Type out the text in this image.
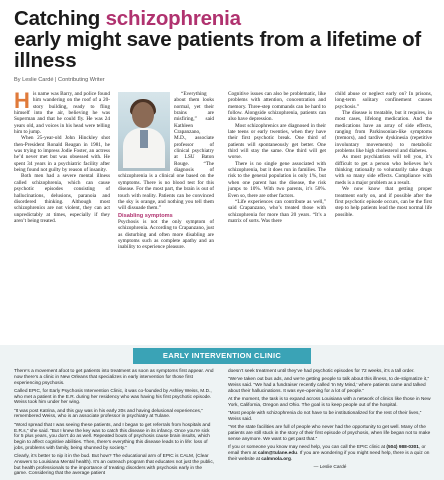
Catching schizophrenia
early might save patients from a lifetime of illness
By Leslie Cardé | Contributing Writer

His name was Barry, and police found him wandering on the roof of a 20-story building, ready to fling himself into the air, believing he was Superman and that he could fly. He was 24 years old, and voices in his head were telling him to jump.

When 25-year-old John Hinckley shot then-President Ronald Reagan in 1981, he was trying to impress Jodie Foster, an actress he’d never met but was obsessed with. He spent 34 years in a psychiatric facility after being found not guilty by reason of insanity.

Both men had a severe mental illness called schizophrenia, which can cause psychotic episodes consisting of hallucinations, delusions, paranoia and disordered thinking. Although most schizophrenics are not violent, they can act unpredictably at times, especially if they aren’t being treated.

“Everything about them looks normal, yet their brains are misfiring,” said Kathleen Crapanzano, M.D., associate professor of clinical psychiatry at LSU Baton Rouge. “The diagnosis of schizophrenia is a clinical one based on the symptoms. There is no blood test for this disease. For the most part, the brain is out of touch with reality. Patients can be convinced the sky is orange, and nothing you tell them will dissuade them.”

Disabling symptoms

Psychosis is not the only symptom of schizophrenia. According to Crapanzano, just as disturbing and often more disabling are symptoms such as complete apathy and an inability to experience pleasure.

Cognitive issues can also be problematic, like problems with attention, concentration and memory. Three-step commands can be hard to follow. Alongside schizophrenia, patients can also have depression.

Most schizophrenics are diagnosed in their late teens or early twenties, when they have their first psychotic break. One third of patients will spontaneously get better. One third will stay the same. One third will get worse.

There is no single gene associated with schizophrenia, but it does run in families. The risk to the general population is only 1%, but when one parent has the disease, the risk jumps to 10%. With two parents, it’s 50%. Even so, there are other factors.

“Life experiences can contribute as well,” said Crapanzano, who’s treated those with schizophrenia for more than 20 years. “It’s a matrix of sorts. Was there

child abuse or neglect early on? In prisons, long-term solitary confinement causes psychosis.”

The disease is treatable, but it requires, in most cases, lifelong medication. And the medications have an array of side effects, ranging from Parkinsonian-like symptoms (tremors), and tardive dyskinesia (repetitive involuntary movements) to metabolic problems like high cholesterol and diabetes.

As most psychiatrists will tell you, it’s difficult to get a person who believes he’s thinking rationally to voluntarily take drugs with so many side effects. Compliance with meds is a major problem as a result.

We now know that getting proper treatment early on, and if possible after the first psychotic episode occurs, can be the first step to help patients lead the most normal life possible.

EARLY INTERVENTION CLINIC

There’s a movement afoot to get patients into treatment as soon as symptoms first appear. And now there’s a clinic in New Orleans that specializes in early intervention for those first experiencing psychosis.

Called EPIC, for Early Psychosis Intervention Clinic, it was co-founded by Ashley Weiss, M.D., who met a patient in the E.R. during her residency who was having his first psychotic episode. Weiss took him under her wing.

“It was post Katrina, and this guy was in his early 20s and having delusional experiences,” remembered Weiss, who is an associate professor in psychiatry at Tulane.

“Word spread that I was seeing these patients, and I began to get referrals from hospitals and E.R.s,” she said. “But I knew the key was to catch this disease in its infancy. Once you’re sick for 5 plus years, you don’t do as well. Repeated bouts of psychosis cause brain insults, which begin to affect cognitive abilities. Then, there’s everything this disease leads to in life: loss of jobs, problems with family, being shunned by society.”

Clearly, it’s better to nip it in the bud. But how? The educational arm of EPIC is CALM, (Clear Answers to Louisiana Mental health). It’s an outreach program that educates not just the public, but health professionals to the importance of treating disorders with psychosis early in the game. Considering that the average patient

doesn’t seek treatment until they’ve had psychotic episodes for 72 weeks, it’s a tall order.

“We’ve taken out bus ads, and we’re getting people to talk about this illness, to de-stigmatize it,” Weiss said. “We had a fundraiser recently called ‘In My Mind,’ where patients came and talked about their hallucinations. It was eye-opening for a lot of people.”

At the moment, the task is to expand across Louisiana with a network of clinics like those in New York, California, Oregon and Ohio. The goal is to keep people out of the hospital.

“Most people with schizophrenia do not have to be institutionalized for the rest of their lives,” Weiss said.

“Yet the state facilities are full of people who never had the opportunity to get well. Many of the patients are still stuck in the story of their first episode of psychosis, when life began not to make sense anymore. We want to get past that.”

If you or someone you know may need help, you can call the EPIC clinic at (504) 988-0301, or email them at calm@tulane.edu. If you are wondering if you might need help, there is a quiz on their website at calmnola.org.

— Leslie Cardé
